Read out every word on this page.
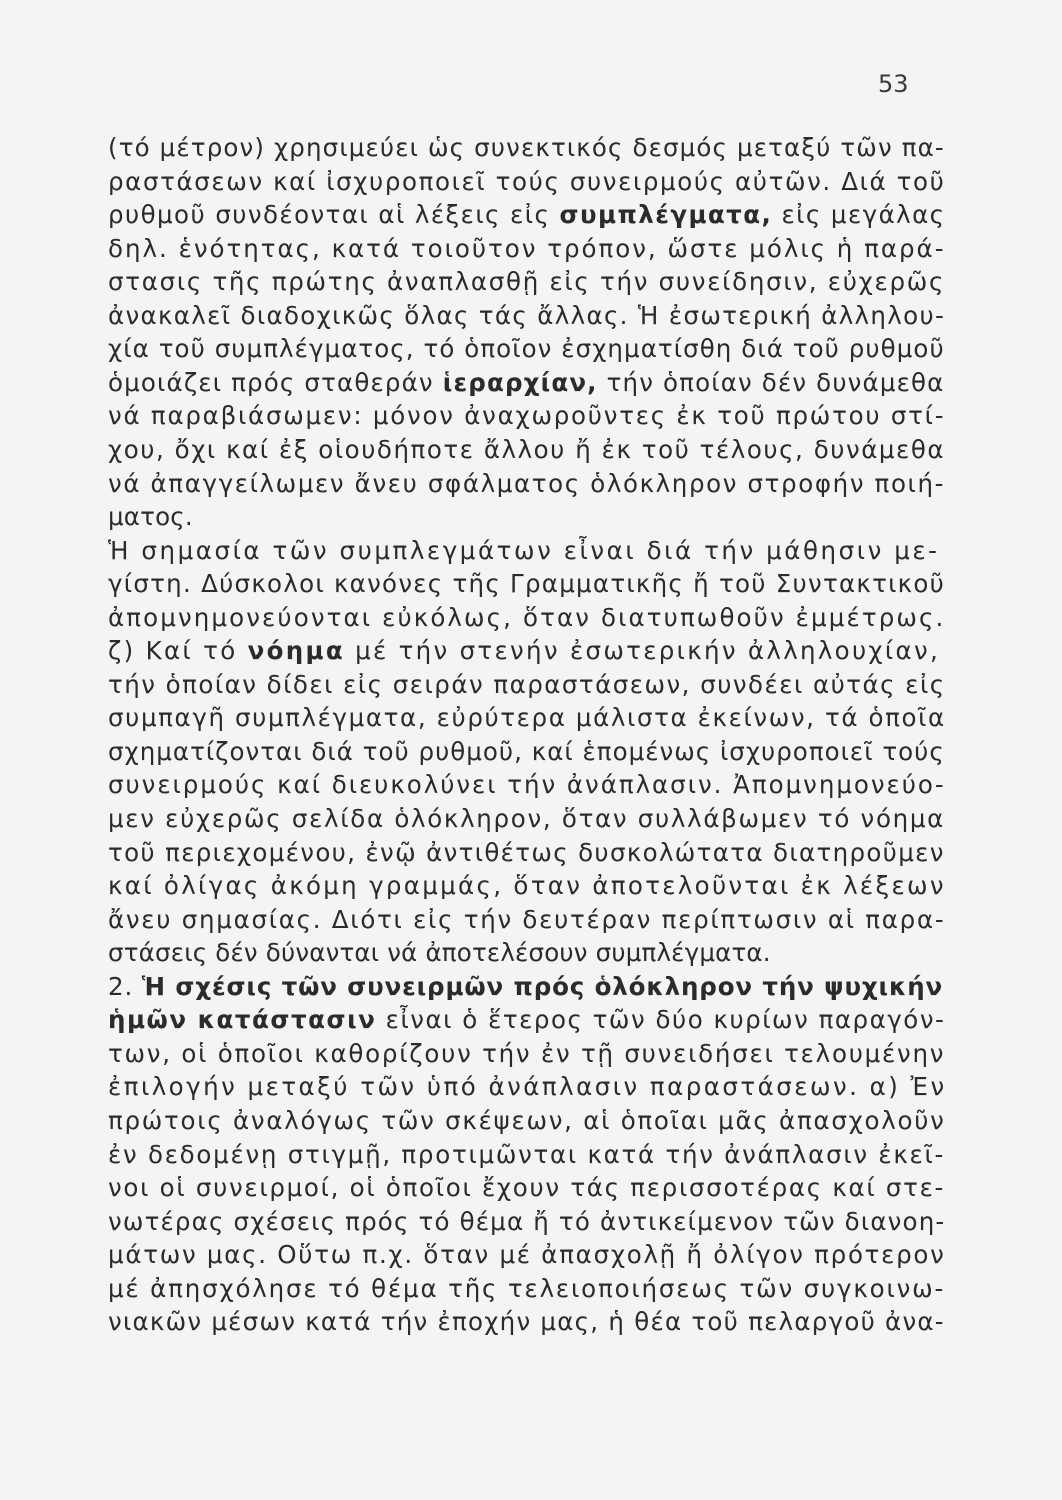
53
(τό μέτρον) χρησιμεύει ὡς συνεκτικός δεσμός μεταξύ τῶν πα-
ραστάσεων καί ἰσχυροποιεῖ τούς συνειρμούς αὐτῶν. Διά τοῦ
ρυθμοῦ συνδέονται αἱ λέξεις εἰς συμπλέγματα, εἰς μεγάλας
δηλ. ἑνότητας, κατά τοιοῦτον τρόπον, ὥστε μόλις ἡ παρά-
στασις τῆς πρώτης ἀναπλασθῇ εἰς τήν συνείδησιν, εὐχερῶς
ἀνακαλεῖ διαδοχικῶς ὅλας τάς ἄλλας. Ἡ ἐσωτερική ἀλληλου-
χία τοῦ συμπλέγματος, τό ὁποῖον ἐσχηματίσθη διά τοῦ ρυθμοῦ
ὁμοιάζει πρός σταθεράν ἱεραρχίαν, τήν ὁποίαν δέν δυνάμεθα
νά παραβιάσωμεν: μόνον ἀναχωροῦντες ἐκ τοῦ πρώτου στί-
χου, ὄχι καί ἐξ οἱουδήποτε ἄλλου ἤ ἐκ τοῦ τέλους, δυνάμεθα
νά ἀπαγγείλωμεν ἄνευ σφάλματος ὁλόκληρον στροφήν ποιή-
ματος.
Ἡ σημασία τῶν συμπλεγμάτων εἶναι διά τήν μάθησιν με-
γίστη. Δύσκολοι κανόνες τῆς Γραμματικῆς ἤ τοῦ Συντακτικοῦ
ἀπομνημονεύονται εὐκόλως, ὅταν διατυπωθοῦν ἐμμέτρως.
ζ) Καί τό νόημα μέ τήν στενήν ἐσωτερικήν ἀλληλουχίαν,
τήν ὁποίαν δίδει εἰς σειράν παραστάσεων, συνδέει αὐτάς εἰς
συμπαγῆ συμπλέγματα, εὐρύτερα μάλιστα ἐκείνων, τά ὁποῖα
σχηματίζονται διά τοῦ ρυθμοῦ, καί ἑπομένως ἰσχυροποιεῖ τούς
συνειρμούς καί διευκολύνει τήν ἀνάπλασιν. Ἀπομνημονεύο-
μεν εὐχερῶς σελίδα ὁλόκληρον, ὅταν συλλάβωμεν τό νόημα
τοῦ περιεχομένου, ἐνῷ ἀντιθέτως δυσκολώτατα διατηροῦμεν
καί ὀλίγας ἀκόμη γραμμάς, ὅταν ἀποτελοῦνται ἐκ λέξεων
ἄνευ σημασίας. Διότι εἰς τήν δευτέραν περίπτωσιν αἱ παρα-
στάσεις δέν δύνανται νά ἀποτελέσουν συμπλέγματα.
2. Ἡ σχέσις τῶν συνειρμῶν πρός ὁλόκληρον τήν ψυχικήν
ἡμῶν κατάστασιν εἶναι ὁ ἕτερος τῶν δύο κυρίων παραγόν-
των, οἱ ὁποῖοι καθορίζουν τήν ἐν τῇ συνειδήσει τελουμένην
ἐπιλογήν μεταξύ τῶν ὑπό ἀνάπλασιν παραστάσεων. α) Ἐν
πρώτοις ἀναλόγως τῶν σκέψεων, αἱ ὁποῖαι μᾶς ἀπασχολοῦν
ἐν δεδομένῃ στιγμῇ, προτιμῶνται κατά τήν ἀνάπλασιν ἐκεῖ-
νοι οἱ συνειρμοί, οἱ ὁποῖοι ἔχουν τάς περισσοτέρας καί στε-
νωτέρας σχέσεις πρός τό θέμα ἤ τό ἀντικείμενον τῶν διανοη-
μάτων μας. Οὕτω π.χ. ὅταν μέ ἀπασχολῇ ἤ ὀλίγον πρότερον
μέ ἀπησχόλησε τό θέμα τῆς τελειοποιήσεως τῶν συγκοινω-
νιακῶν μέσων κατά τήν ἐποχήν μας, ἡ θέα τοῦ πελαργοῦ ἀνα-
